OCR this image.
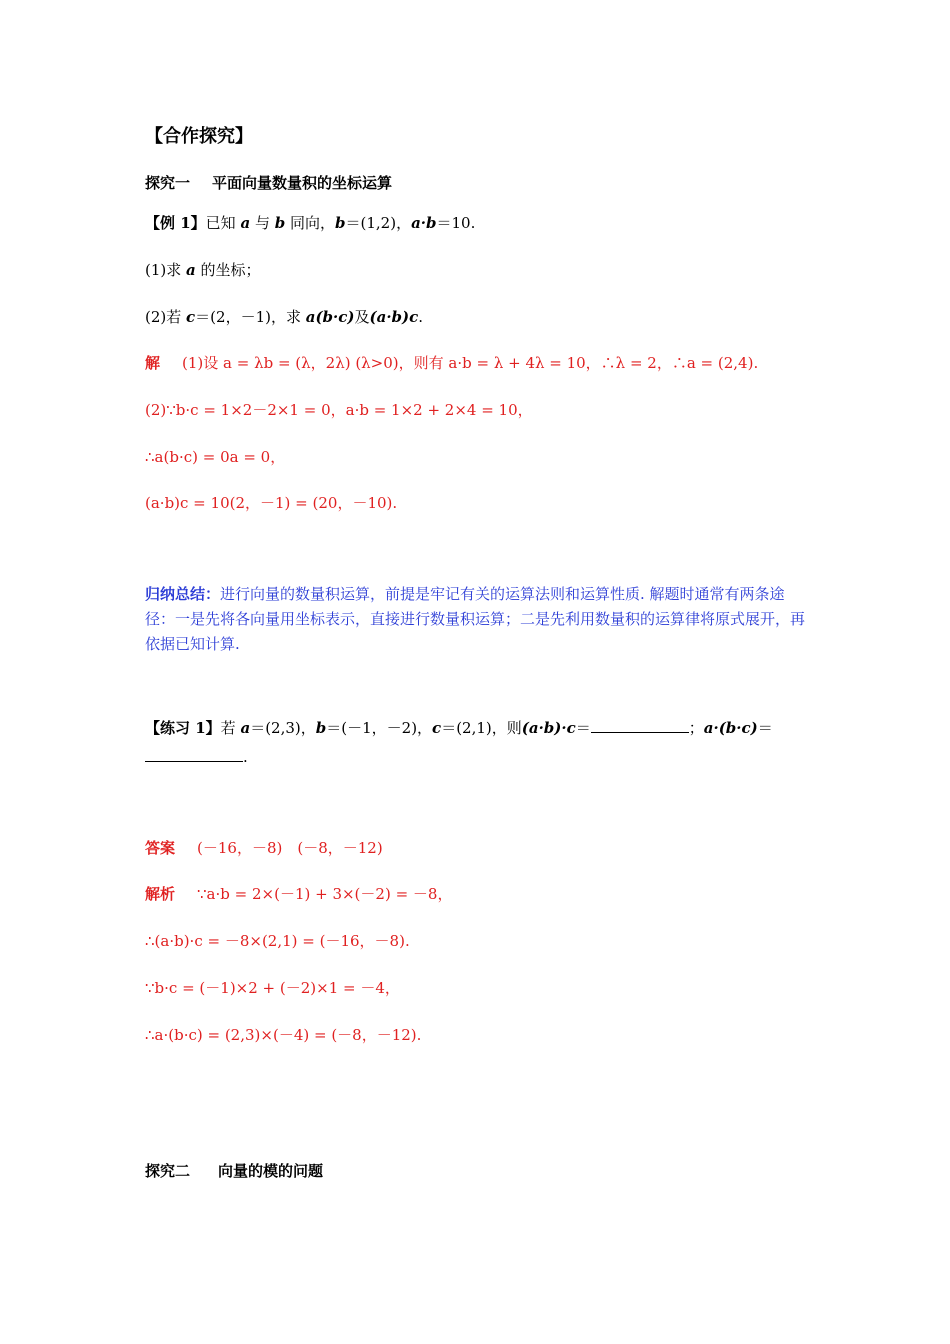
【合作探究】
探究一 平面向量数量积的坐标运算
【例 1】已知 a 与 b 同向，b＝(1,2)，a·b＝10.
(1)求 a 的坐标；
(2)若 c＝(2，－1)，求 a(b·c)及(a·b)c.
解 (1)设 a = λb = (λ，2λ) (λ>0)，则有 a·b = λ + 4λ = 10，∴λ = 2，∴a = (2,4).
(2)∵b·c = 1×2－2×1 = 0，a·b = 1×2 + 2×4 = 10，
∴a(b·c) = 0a = 0，
(a·b)c = 10(2，－1) = (20，－10).
归纳总结：进行向量的数量积运算，前提是牢记有关的运算法则和运算性质. 解题时通常有两条途径：一是先将各向量用坐标表示，直接进行数量积运算；二是先利用数量积的运算律将原式展开，再依据已知计算.
【练习 1】若 a＝(2,3)，b＝(－1，－2)，c＝(2,1)，则(a·b)·c＝	；a·(b·c)＝
.
答案 (－16，－8)　(－8，－12)
解析 ∵a·b = 2×(－1) + 3×(－2) = －8，
∴(a·b)·c = －8×(2,1) = (－16，－8).
∵b·c = (－1)×2 + (－2)×1 = －4，
∴a·(b·c) = (2,3)×(－4) = (－8，－12).
探究二 向量的模的问题
